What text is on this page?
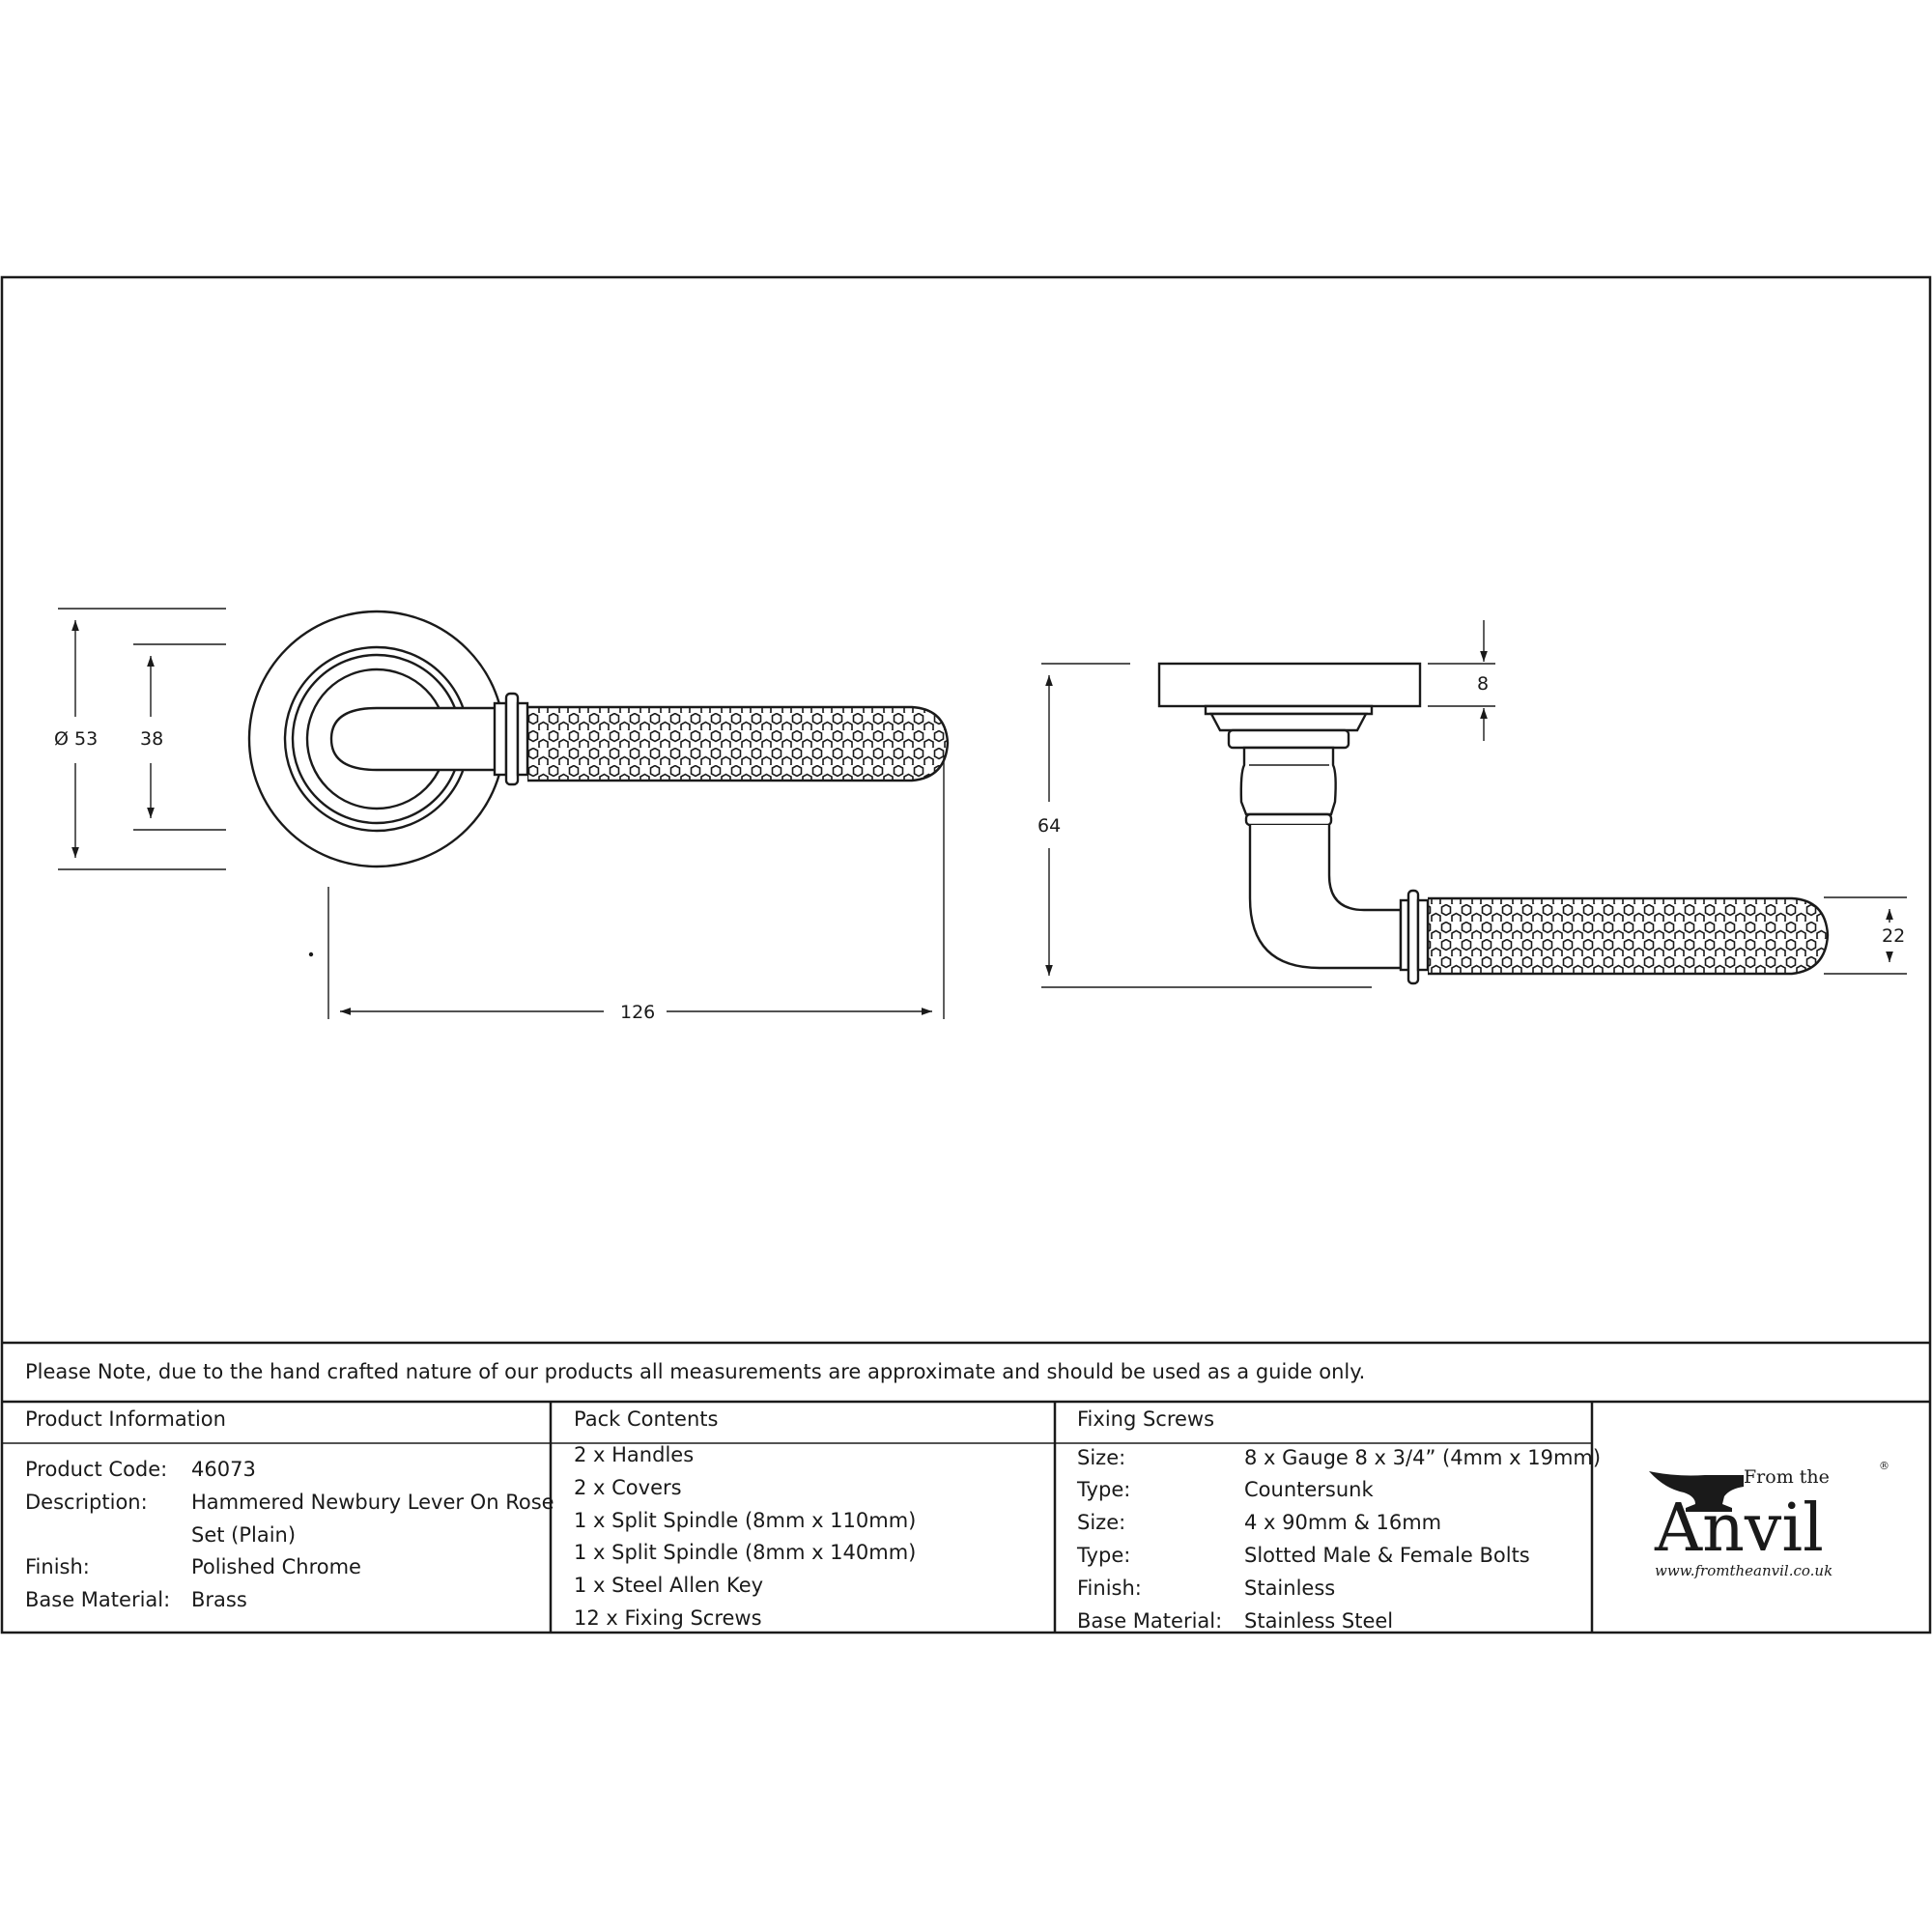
Ø 53 38
126
8
64
22
Please Note, due to the hand crafted nature of our products all measurements are approximate and should be used as a guide only.
Product Information
Product Code: 46073
Description: Hammered Newbury Lever On Rose
Set (Plain)
Finish:	Polished Chrome
Base Material: Brass
Pack Contents
2 x Handles
2 x Covers
1 x Split Spindle (8mm x 110mm)
1 x Split Spindle (8mm x 140mm)
1 x Steel Allen Key
12 x Fixing Screws
Fixing Screws
Size:	8 x Gauge 8 x 3/4” (4mm x 19mm)
Type:	Countersunk
Size:	4 x 90mm & 16mm
Type:	Slotted Male & Female Bolts
Finish:	Stainless
Base Material: Stainless Steel
From the
®
Anvil
www.fromtheanvil.co.uk
